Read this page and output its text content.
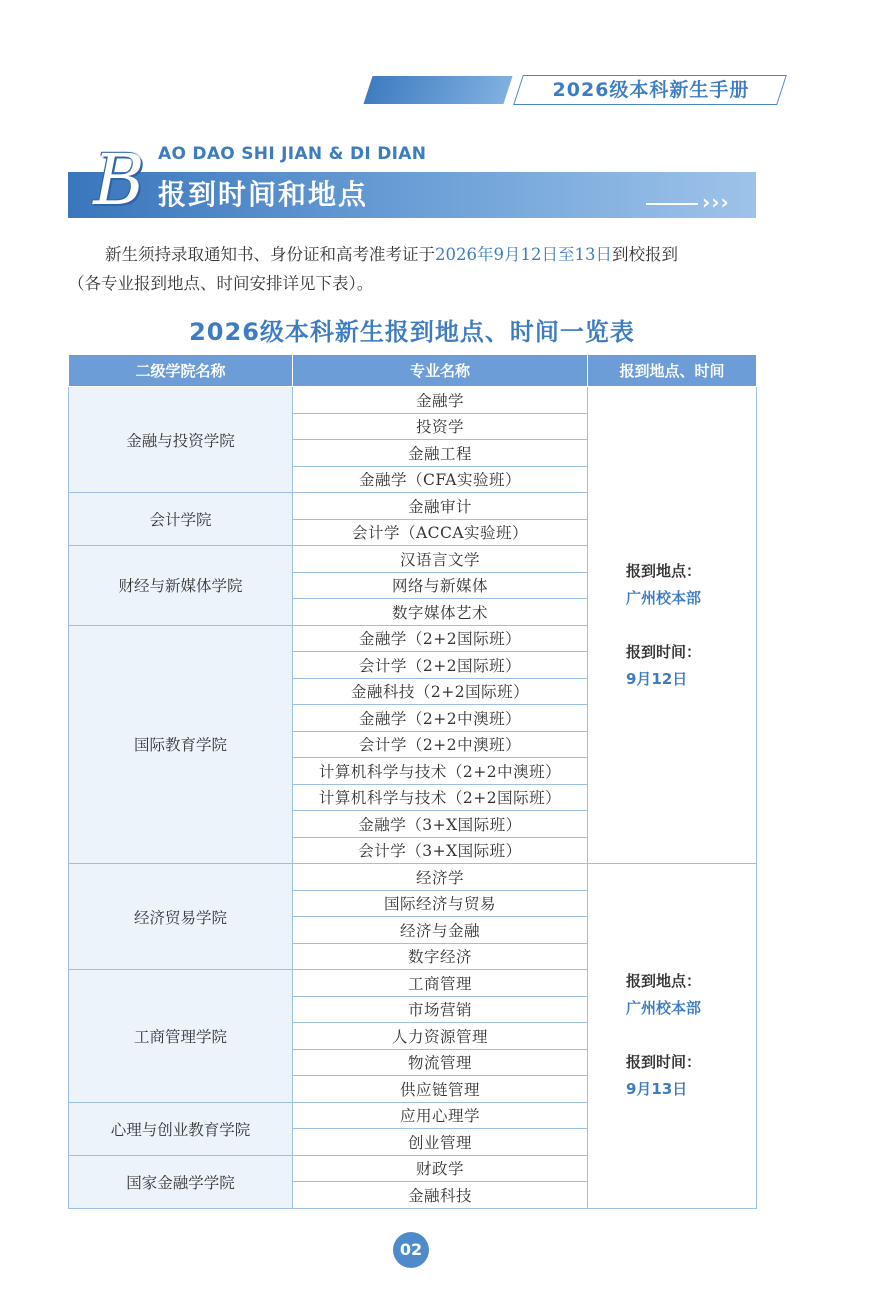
2026级本科新生手册
AO DAO SHI JIAN & DI DIAN
B 报到时间和地点	›››
新生须持录取通知书、身份证和高考准考证于2026年9月12日至13日到校报到
（各专业报到地点、时间安排详见下表）。
2026级本科新生报到地点、时间一览表
二级学院名称	专业名称	报到地点、时间
金融与投资学院	金融学	报到地点：
广州校本部
报到时间：
9月12日

	投资学	
	金融工程	
	金融学（CFA实验班）	
会计学院	金融审计	
	会计学（ACCA实验班）	
财经与新媒体学院	汉语言文学	
	网络与新媒体	
	数字媒体艺术	
国际教育学院	金融学（2+2国际班）	
	会计学（2+2国际班）	
	金融科技（2+2国际班）	
	金融学（2+2中澳班）	
	会计学（2+2中澳班）	
	计算机科学与技术（2+2中澳班）	
	计算机科学与技术（2+2国际班）	
	金融学（3+X国际班）	
	会计学（3+X国际班）	
经济贸易学院	经济学	报到地点：
广州校本部
报到时间：
9月13日

	国际经济与贸易	
	经济与金融	
	数字经济	
工商管理学院	工商管理	
	市场营销	
	人力资源管理	
	物流管理	
	供应链管理	
心理与创业教育学院	应用心理学	
	创业管理	
国家金融学学院	财政学	
	金融科技	
02
